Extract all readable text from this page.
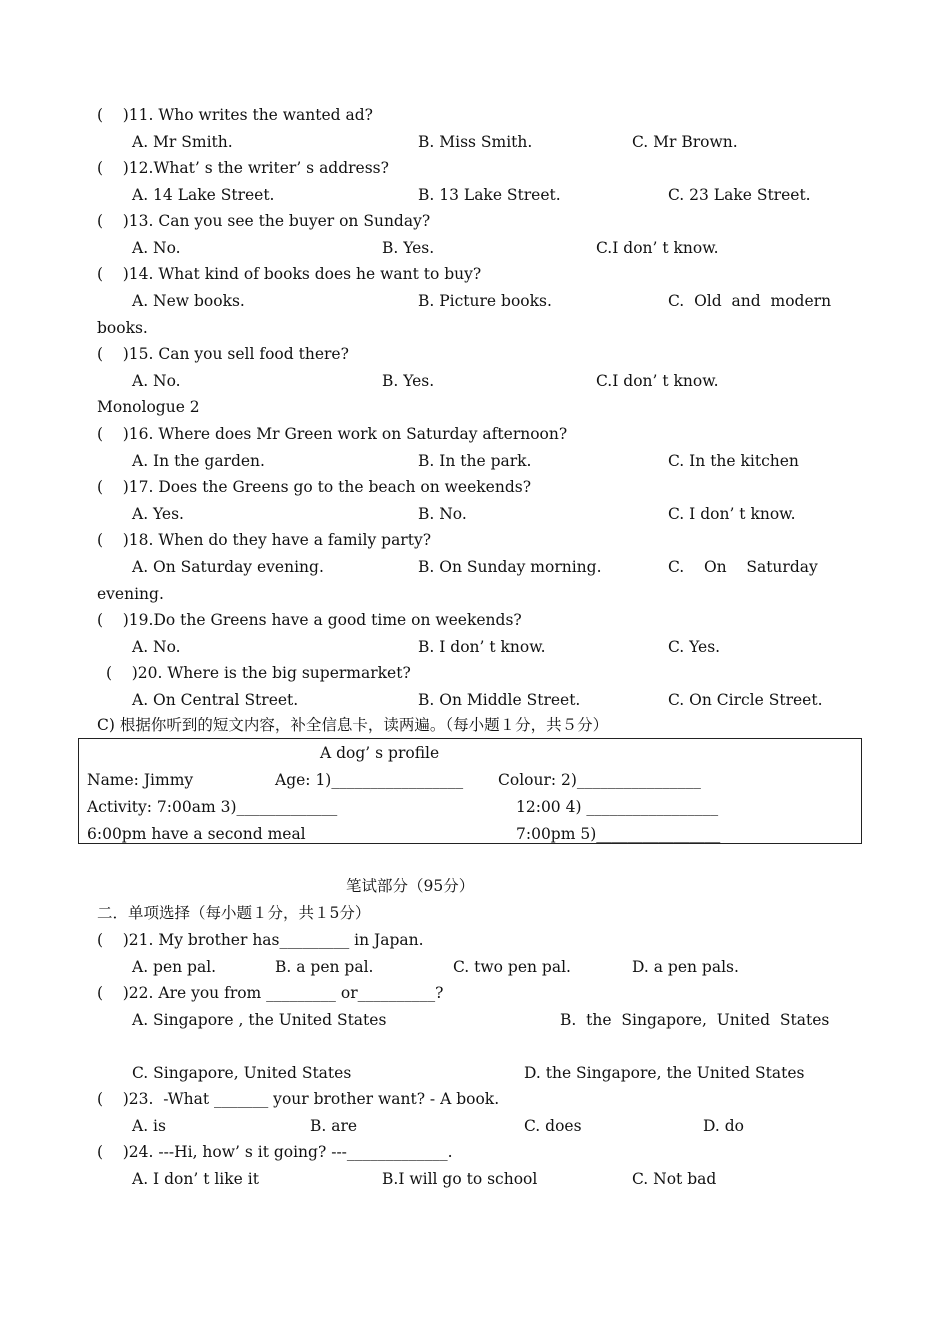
(    )11. Who writes the wanted ad?
A. Mr Smith.	B. Miss Smith.	C. Mr Brown.
(    )12.What’ s the writer’ s address?
A. 14 Lake Street.	B. 13 Lake Street.	C. 23 Lake Street.
(    )13. Can you see the buyer on Sunday?
A. No.	B. Yes.	C.I don’ t know.
(    )14. What kind of books does he want to buy?
A. New books.	B. Picture books.	C.  Old  and  modern
books.
(    )15. Can you sell food there?
A. No.	B. Yes.	C.I don’ t know.
Monologue 2
(    )16. Where does Mr Green work on Saturday afternoon?
A. In the garden.	B. In the park.	C. In the kitchen
(    )17. Does the Greens go to the beach on weekends?
A. Yes.	B. No.	C. I don’ t know.
(    )18. When do they have a family party?
A. On Saturday evening.	B. On Sunday morning.	C.    On    Saturday
evening.
(    )19.Do the Greens have a good time on weekends?
A. No.	B. I don’ t know.	C. Yes.
(    )20. Where is the big supermarket?
A. On Central Street.	B. On Middle Street.	C. On Circle Street.
C) 根据你听到的短文内容，补全信息卡，读两遍。（每小题１分，共５分）
A dog’ s profile
Name: Jimmy	Age: 1)_________________ Colour: 2)________________
Activity: 7:00am 3)_____________	12:00 4) _________________
6:00pm have a second meal	7:00pm 5)________________
笔试部分（95分）
二．单项选择（每小题１分，共１5分）
(    )21. My brother has_________ in Japan.
A. pen pal.	B. a pen pal.	C. two pen pal.	D. a pen pals.
(    )22. Are you from _________ or__________?
A. Singapore , the United States	B.  the  Singapore,  United  States
C. Singapore, United States	D. the Singapore, the United States
(    )23.  -What _______ your brother want? - A book.
A. is	B. are	C. does	D. do
(    )24. ---Hi, how’ s it going? ---_____________.
A. I don’ t like it	B.I will go to school	C. Not bad
